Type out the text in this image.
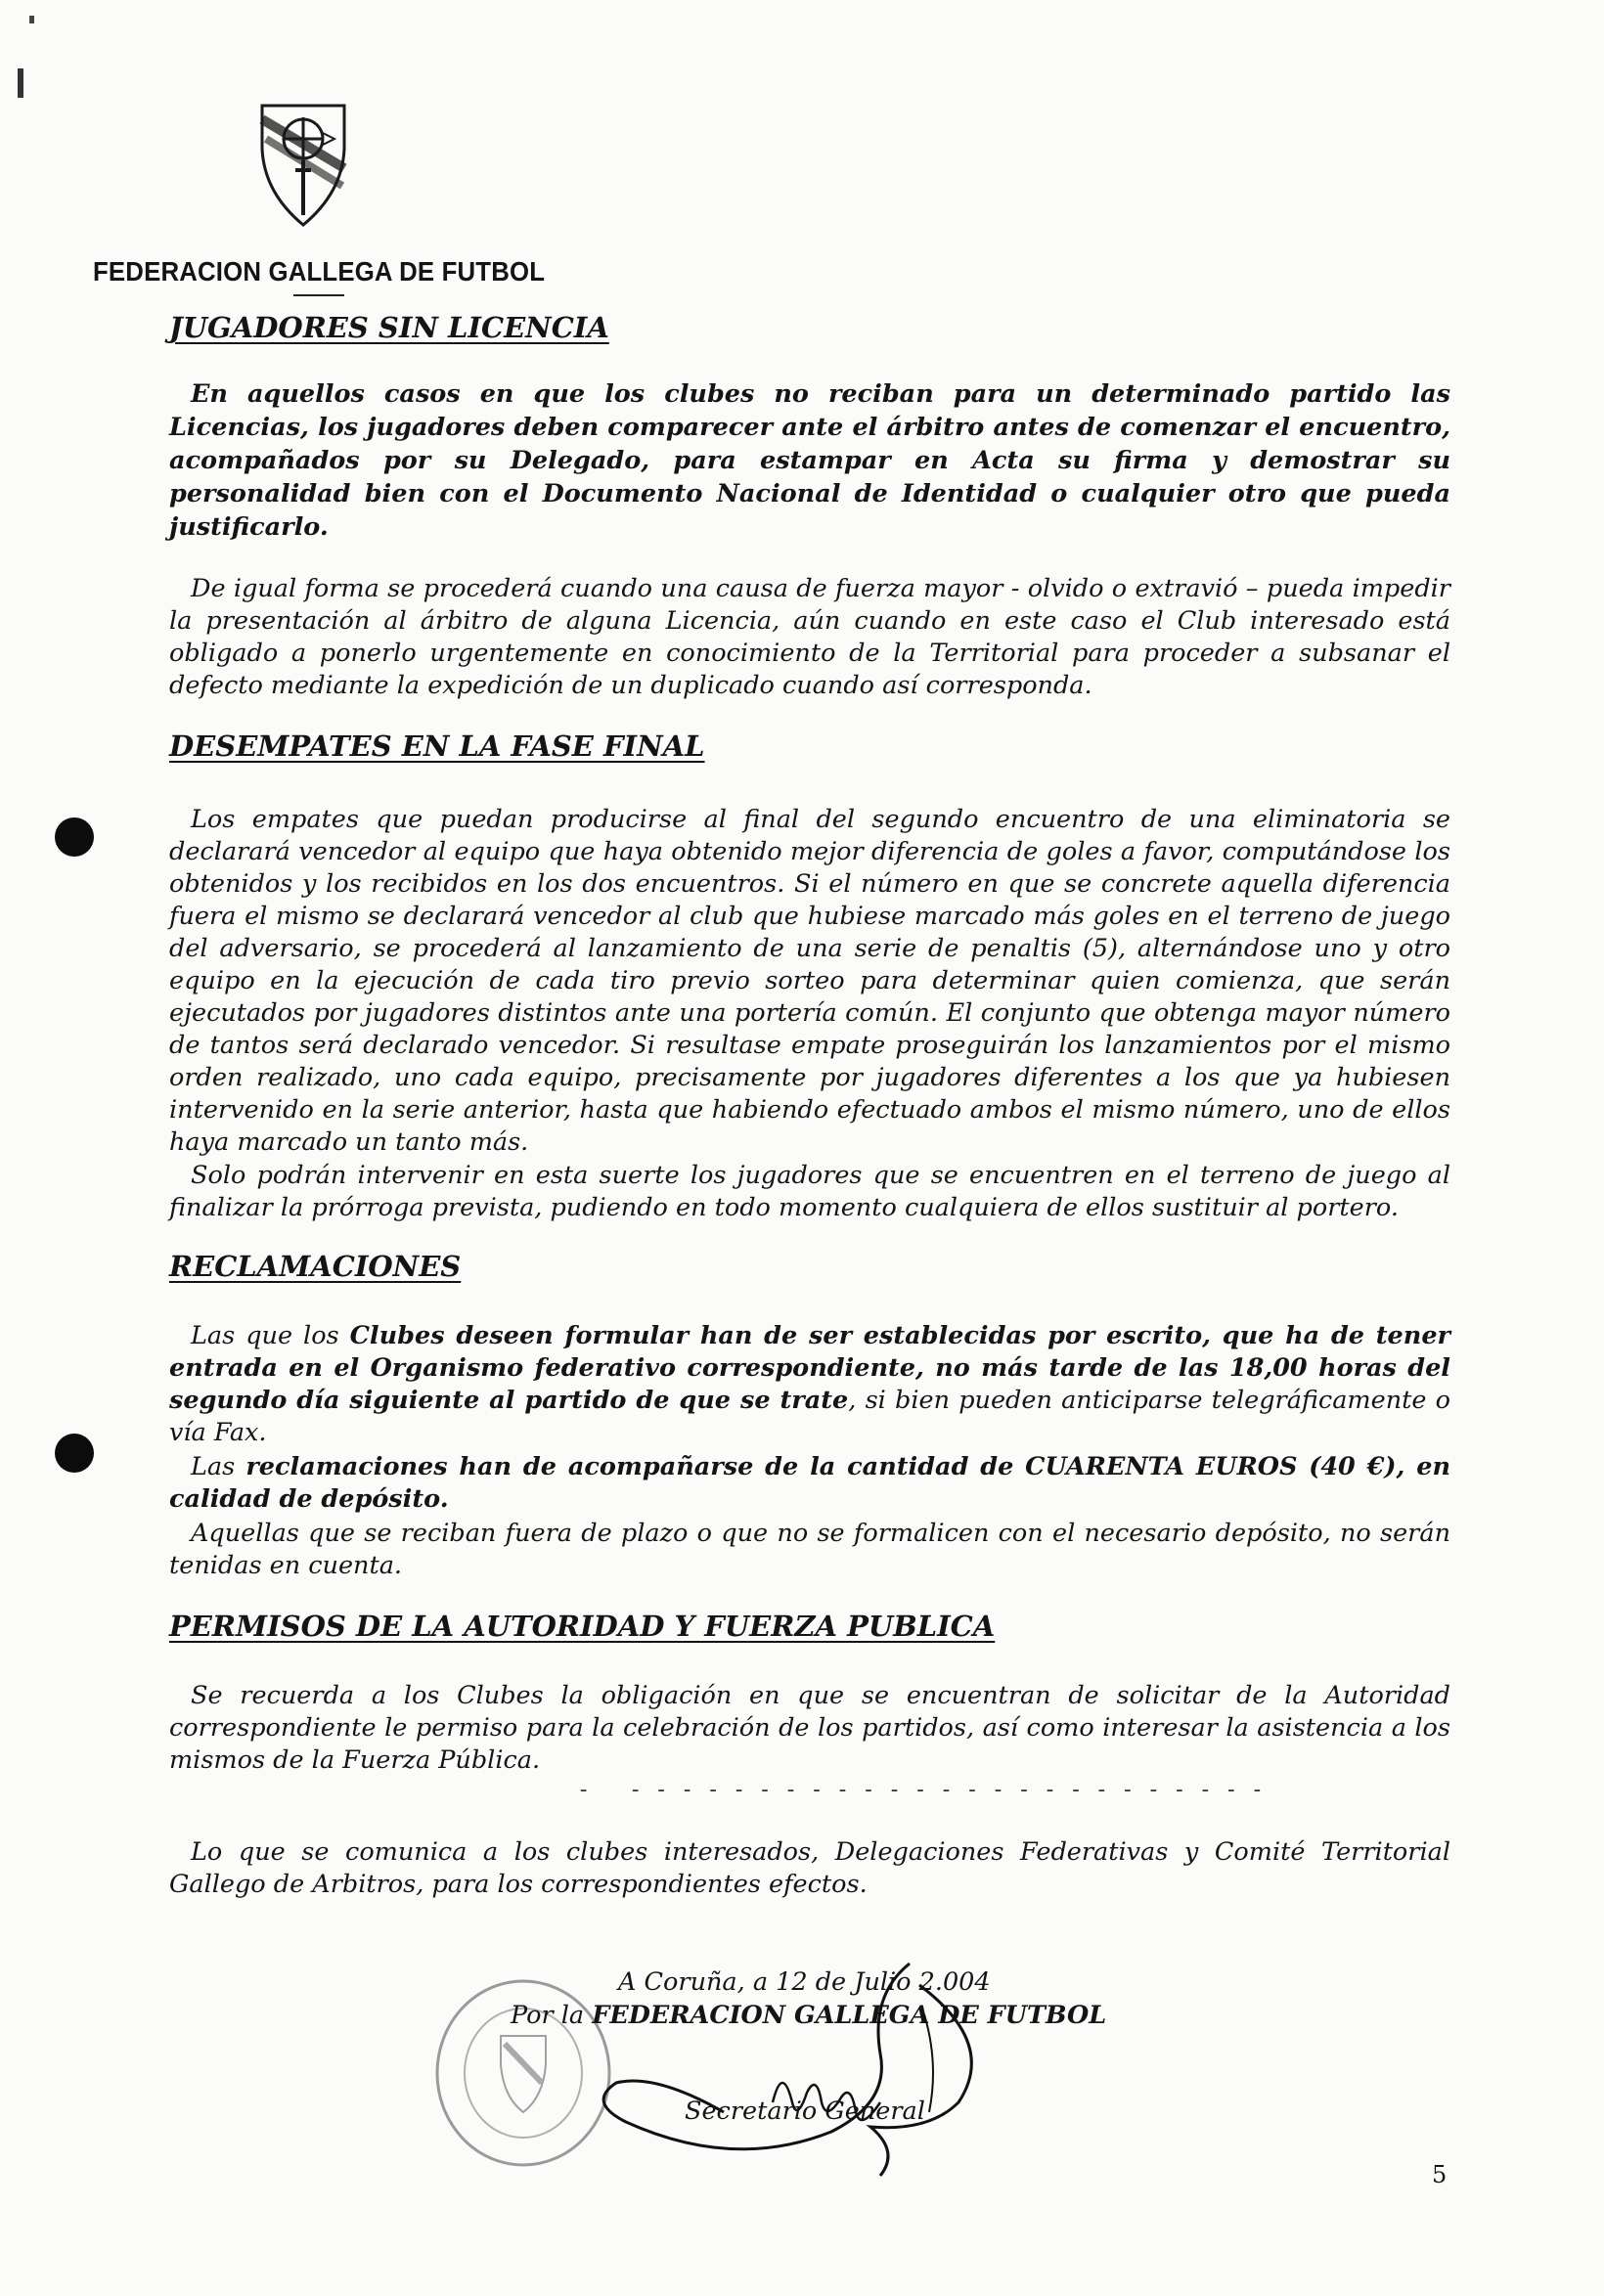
FEDERACION GALLEGA DE FUTBOL
JUGADORES SIN LICENCIA

En aquellos casos en que los clubes no reciban para un determinado partido las Licencias, los jugadores deben comparecer ante el árbitro antes de comenzar el encuentro, acompañados por su Delegado, para estampar en Acta su firma y demostrar su personalidad bien con el Documento Nacional de Identidad o cualquier otro que pueda justificarlo.

De igual forma se procederá cuando una causa de fuerza mayor - olvido o extravió – pueda impedir la presentación al árbitro de alguna Licencia, aún cuando en este caso el Club interesado está obligado a ponerlo urgentemente en conocimiento de la Territorial para proceder a subsanar el defecto mediante la expedición de un duplicado cuando así corresponda.

DESEMPATES EN LA FASE FINAL

Los empates que puedan producirse al final del segundo encuentro de una eliminatoria se declarará vencedor al equipo que haya obtenido mejor diferencia de goles a favor, computándose los obtenidos y los recibidos en los dos encuentros. Si el número en que se concrete aquella diferencia fuera el mismo se declarará vencedor al club que hubiese marcado más goles en el terreno de juego del adversario, se procederá al lanzamiento de una serie de penaltis (5), alternándose uno y otro equipo en la ejecución de cada tiro previo sorteo para determinar quien comienza, que serán ejecutados por jugadores distintos ante una portería común. El conjunto que obtenga mayor número de tantos será declarado vencedor. Si resultase empate proseguirán los lanzamientos por el mismo orden realizado, uno cada equipo, precisamente por jugadores diferentes a los que ya hubiesen intervenido en la serie anterior, hasta que habiendo efectuado ambos el mismo número, uno de ellos haya marcado un tanto más.

Solo podrán intervenir en esta suerte los jugadores que se encuentren en el terreno de juego al finalizar la prórroga prevista, pudiendo en todo momento cualquiera de ellos sustituir al portero.

RECLAMACIONES

Las que los Clubes deseen formular han de ser establecidas por escrito, que ha de tener entrada en el Organismo federativo correspondiente, no más tarde de las 18,00 horas del segundo día siguiente al partido de que se trate, si bien pueden anticiparse telegráficamente o vía Fax.

Las reclamaciones han de acompañarse de la cantidad de CUARENTA EUROS (40 €), en calidad de depósito.

Aquellas que se reciban fuera de plazo o que no se formalicen con el necesario depósito, no serán tenidas en cuenta.

PERMISOS DE LA AUTORIDAD Y FUERZA PUBLICA

Se recuerda a los Clubes la obligación en que se encuentran de solicitar de la Autoridad correspondiente le permiso para la celebración de los partidos, así como interesar la asistencia a los mismos de la Fuerza Pública.

-   - - - - - - - - - - - - - - - - - - - - - - - - -

Lo que se comunica a los clubes interesados, Delegaciones Federativas y Comité Territorial Gallego de Arbitros, para los correspondientes efectos.

A Coruña, a 12 de Julio 2.004
Por la FEDERACION GALLEGA DE FUTBOL
Secretario General
5
